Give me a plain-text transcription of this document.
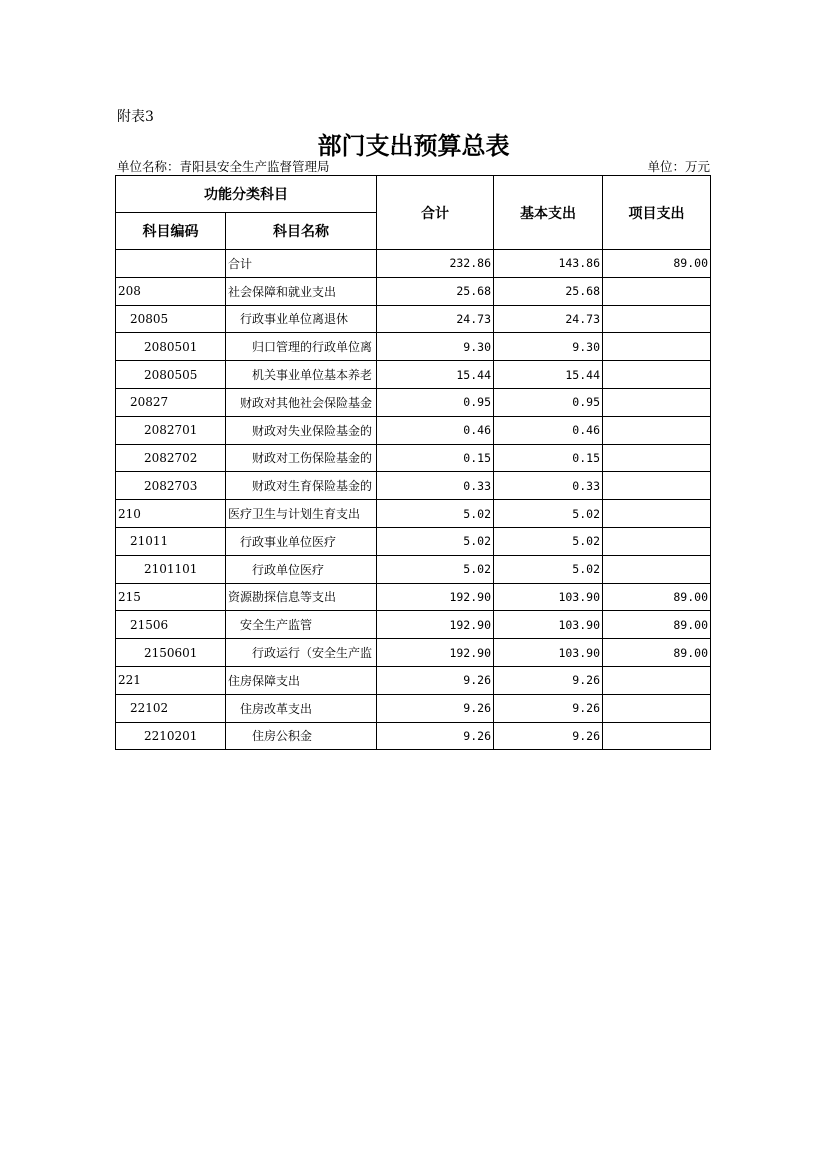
附表3
部门支出预算总表
单位名称：青阳县安全生产监督管理局	单位：万元
功能分类科目		合计	基本支出	项目支出
科目编码	科目名称			
	合计	232.86	143.86	89.00
208	社会保障和就业支出	25.68	25.68	
20805	行政事业单位离退休	24.73	24.73	
2080501	归口管理的行政单位离	9.30	9.30	
2080505	机关事业单位基本养老	15.44	15.44	
20827	财政对其他社会保险基金	0.95	0.95	
2082701	财政对失业保险基金的	0.46	0.46	
2082702	财政对工伤保险基金的	0.15	0.15	
2082703	财政对生育保险基金的	0.33	0.33	
210	医疗卫生与计划生育支出	5.02	5.02	
21011	行政事业单位医疗	5.02	5.02	
2101101	行政单位医疗	5.02	5.02	
215	资源勘探信息等支出	192.90	103.90	89.00
21506	安全生产监管	192.90	103.90	89.00
2150601	行政运行（安全生产监	192.90	103.90	89.00
221	住房保障支出	9.26	9.26	
22102	住房改革支出	9.26	9.26	
2210201	住房公积金	9.26	9.26	
